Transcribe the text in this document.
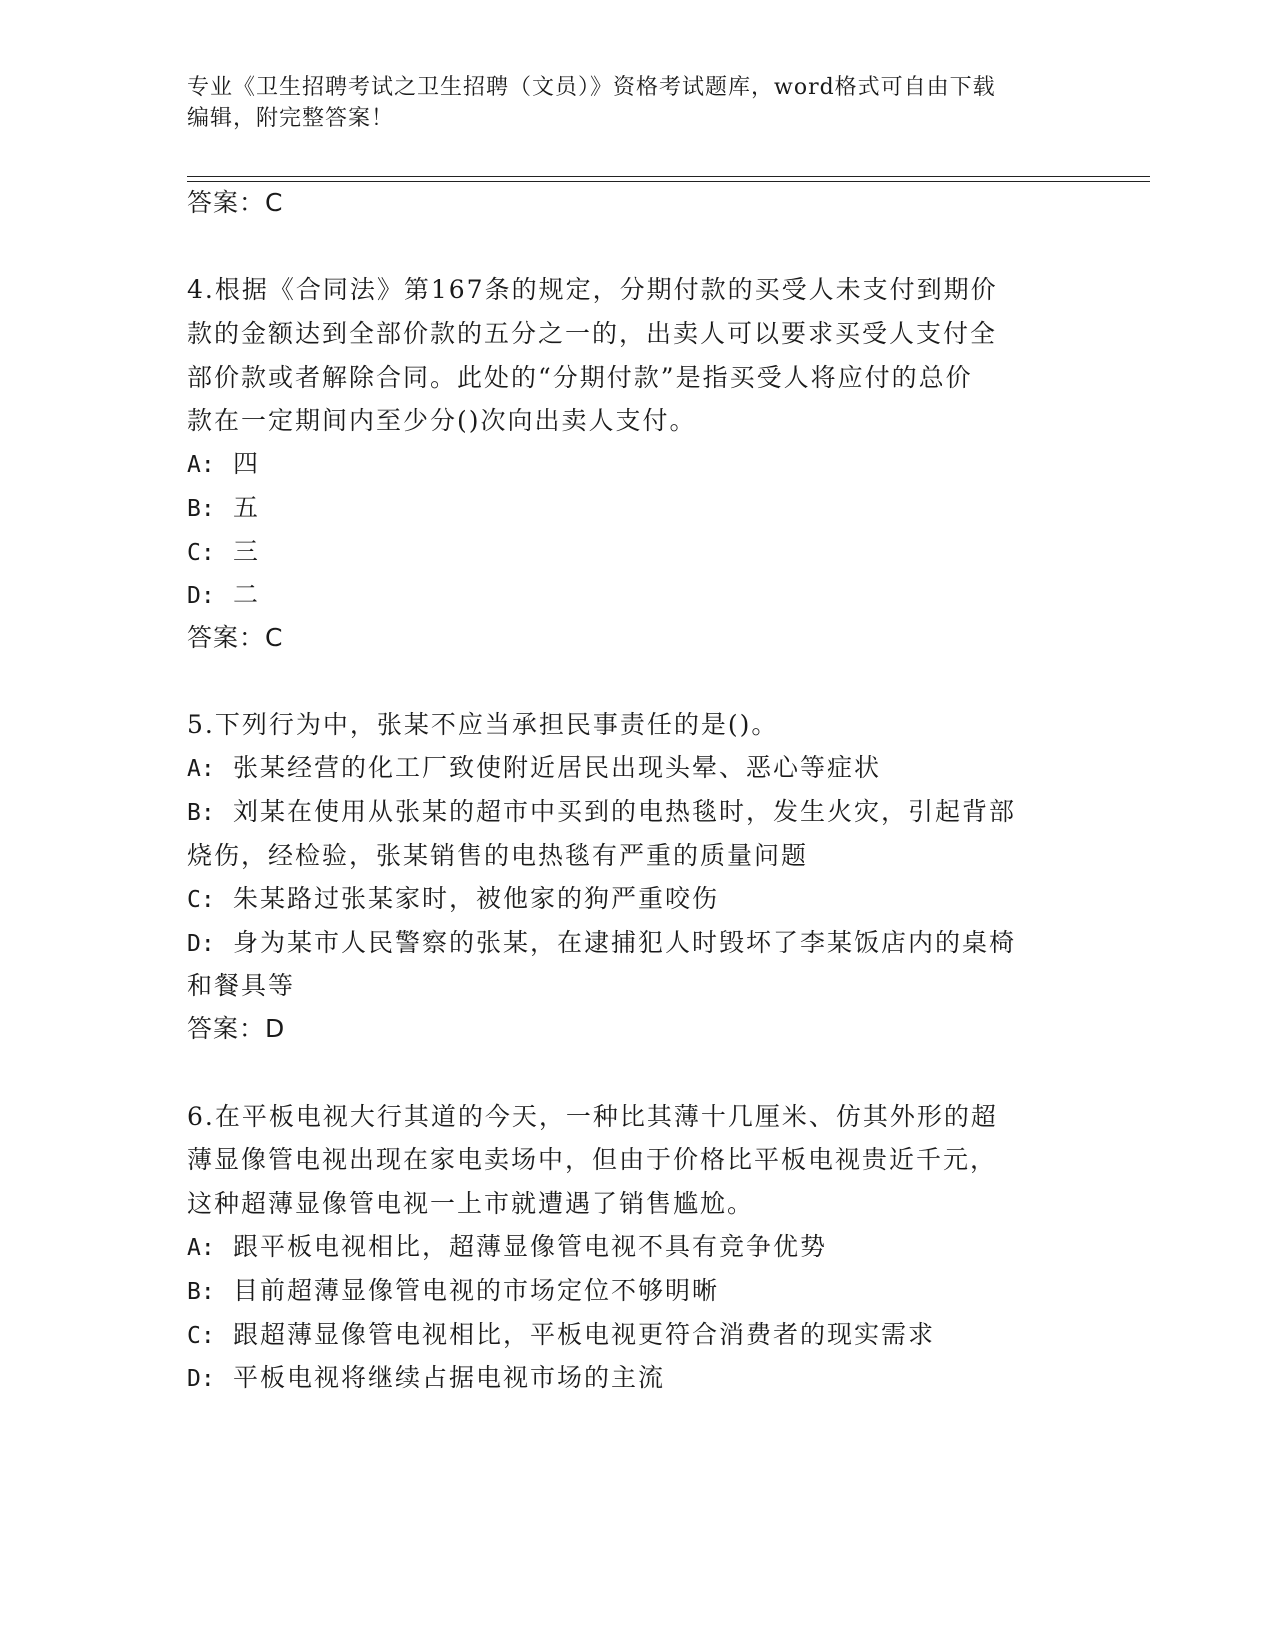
专业《卫生招聘考试之卫生招聘（文员）》资格考试题库，word格式可自由下载
编辑，附完整答案！
答案：C
4.根据《合同法》第167条的规定，分期付款的买受人未支付到期价
款的金额达到全部价款的五分之一的，出卖人可以要求买受人支付全
部价款或者解除合同。此处的“分期付款”是指买受人将应付的总价
款在一定期间内至少分()次向出卖人支付。
A: 四
B: 五
C: 三
D: 二
答案：C
5.下列行为中，张某不应当承担民事责任的是()。
A: 张某经营的化工厂致使附近居民出现头晕、恶心等症状
B: 刘某在使用从张某的超市中买到的电热毯时，发生火灾，引起背部
烧伤，经检验，张某销售的电热毯有严重的质量问题
C: 朱某路过张某家时，被他家的狗严重咬伤
D: 身为某市人民警察的张某，在逮捕犯人时毁坏了李某饭店内的桌椅
和餐具等
答案：D
6.在平板电视大行其道的今天，一种比其薄十几厘米、仿其外形的超
薄显像管电视出现在家电卖场中，但由于价格比平板电视贵近千元，
这种超薄显像管电视一上市就遭遇了销售尴尬。
A: 跟平板电视相比，超薄显像管电视不具有竞争优势
B: 目前超薄显像管电视的市场定位不够明晰
C: 跟超薄显像管电视相比，平板电视更符合消费者的现实需求
D: 平板电视将继续占据电视市场的主流
